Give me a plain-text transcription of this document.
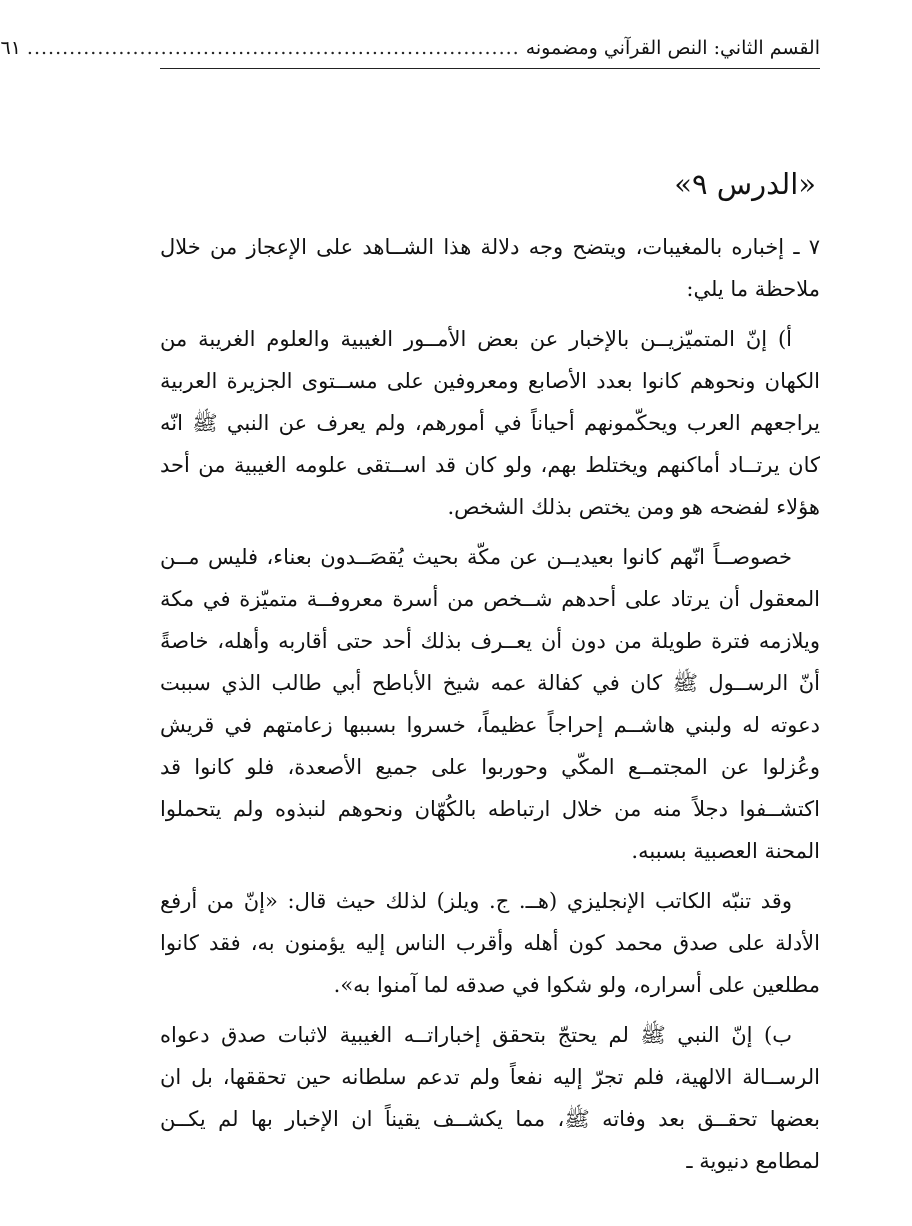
القسم الثاني: النص القرآني ومضمونه
......................................................................
٦١
«الدرس ٩»

٧ ـ إخباره بالمغيبات، ويتضح وجه دلالة هذا الشــاهد على الإعجاز من خلال ملاحظة ما يلي:

أ) إنّ المتميّزيــن بالإخبار عن بعض الأمــور الغيبية والعلوم الغريبة من الكهان ونحوهم كانوا بعدد الأصابع ومعروفين على مســتوى الجزيرة العربية يراجعهم العرب ويحكّمونهم أحياناً في أمورهم، ولم يعرف عن النبي ﷺ انّه كان يرتــاد أماكنهم ويختلط بهم، ولو كان قد اســتقى علومه الغيبية من أحد هؤلاء لفضحه هو ومن يختص بذلك الشخص.

خصوصــاً انّهم كانوا بعيديــن عن مكّة بحيث يُقصَــدون بعناء، فليس مــن المعقول أن يرتاد على أحدهم شــخص من أسرة معروفــة متميّزة في مكة ويلازمه فترة طويلة من دون أن يعــرف بذلك أحد حتى أقاربه وأهله، خاصةً أنّ الرســول ﷺ كان في كفالة عمه شيخ الأباطح أبي طالب الذي سببت دعوته له ولبني هاشــم إحراجاً عظيماً، خسروا بسببها زعامتهم في قريش وعُزلوا عن المجتمــع المكّي وحوربوا على جميع الأصعدة، فلو كانوا قد اكتشــفوا دجلاً منه من خلال ارتباطه بالكُهّان ونحوهم لنبذوه ولم يتحملوا المحنة العصبية بسببه.

وقد تنبّه الكاتب الإنجليزي (هــ. ج. ويلز) لذلك حيث قال: «إنّ من أرفع الأدلة على صدق محمد كون أهله وأقرب الناس إليه يؤمنون به، فقد كانوا مطلعين على أسراره، ولو شكوا في صدقه لما آمنوا به».

ب) إنّ النبي ﷺ لم يحتجّ بتحقق إخباراتــه الغيبية لاثبات صدق دعواه الرســالة الالهية، فلم تجرّ إليه نفعاً ولم تدعم سلطانه حين تحققها، بل ان بعضها تحقــق بعد وفاته ﷺ، مما يكشــف يقيناً ان الإخبار بها لم يكــن لمطامع دنيوية ـ
